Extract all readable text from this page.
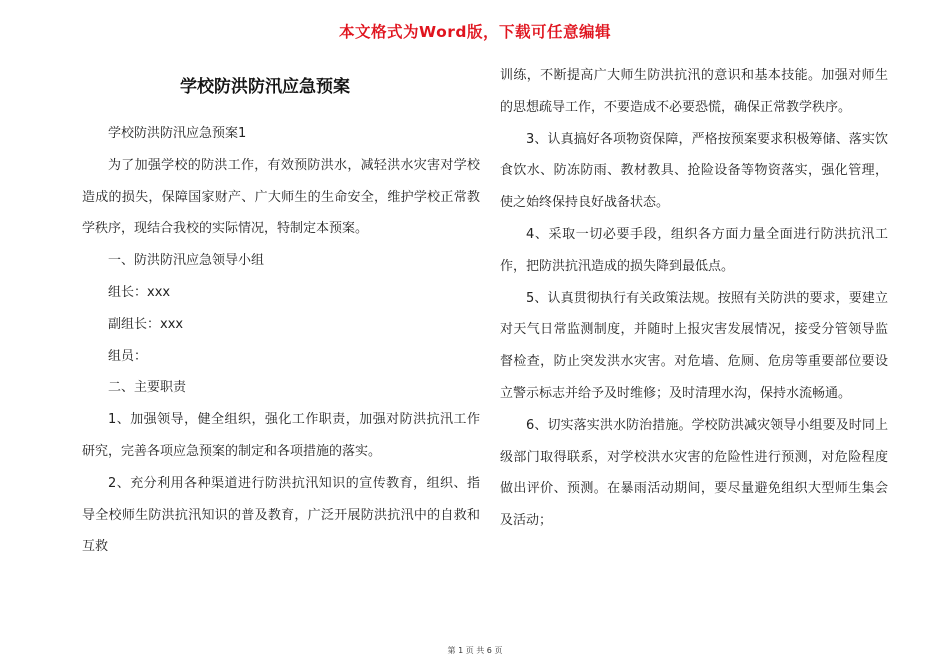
本文格式为Word版，下载可任意编辑
学校防洪防汛应急预案

学校防洪防汛应急预案1

为了加强学校的防洪工作，有效预防洪水，减轻洪水灾害对学校造成的损失，保障国家财产、广大师生的生命安全，维护学校正常教学秩序，现结合我校的实际情况，特制定本预案。

一、防洪防汛应急领导小组

组长：xxx

副组长：xxx

组员：

二、主要职责

1、加强领导，健全组织，强化工作职责，加强对防洪抗汛工作研究，完善各项应急预案的制定和各项措施的落实。

2、充分利用各种渠道进行防洪抗汛知识的宣传教育，组织、指导全校师生防洪抗汛知识的普及教育，广泛开展防洪抗汛中的自救和互救

训练，不断提高广大师生防洪抗汛的意识和基本技能。加强对师生的思想疏导工作，不要造成不必要恐慌，确保正常教学秩序。

3、认真搞好各项物资保障，严格按预案要求积极筹储、落实饮食饮水、防冻防雨、教材教具、抢险设备等物资落实，强化管理，使之始终保持良好战备状态。

4、采取一切必要手段，组织各方面力量全面进行防洪抗汛工作，把防洪抗汛造成的损失降到最低点。

5、认真贯彻执行有关政策法规。按照有关防洪的要求，要建立对天气日常监测制度，并随时上报灾害发展情况，接受分管领导监督检查，防止突发洪水灾害。对危墙、危厕、危房等重要部位要设立警示标志并给予及时维修；及时清理水沟，保持水流畅通。

6、切实落实洪水防治措施。学校防洪减灾领导小组要及时同上级部门取得联系，对学校洪水灾害的危险性进行预测，对危险程度做出评价、预测。在暴雨活动期间，要尽量避免组织大型师生集会及活动；

第 1 页 共 6 页
